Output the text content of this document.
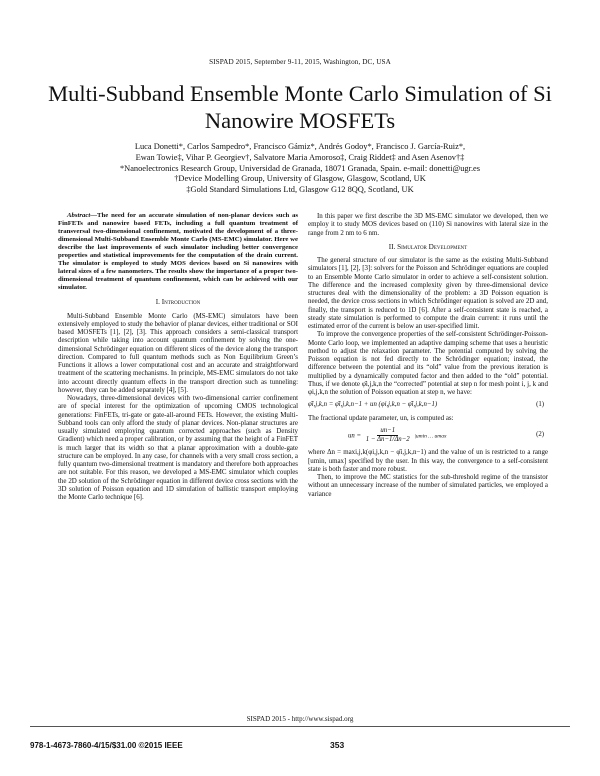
SISPAD 2015, September 9-11, 2015, Washington, DC, USA
Multi-Subband Ensemble Monte Carlo Simulation of Si Nanowire MOSFETs
Luca Donetti*, Carlos Sampedro*, Francisco Gámiz*, Andrés Godoy*, Francisco J. García-Ruiz*,
Ewan Towie‡, Vihar P. Georgiev†, Salvatore Maria Amoroso‡, Craig Riddet‡ and Asen Asenov†‡
*Nanoelectronics Research Group, Universidad de Granada, 18071 Granada, Spain. e-mail: donetti@ugr.es
†Device Modelling Group, University of Glasgow, Glasgow, Scotland, UK
‡Gold Standard Simulations Ltd, Glasgow G12 8QQ, Scotland, UK

Abstract—The need for an accurate simulation of non-planar devices such as FinFETs and nanowire based FETs, including a full quantum treatment of transversal two-dimensional confinement, motivated the development of a three-dimensional Multi-Subband Ensemble Monte Carlo (MS-EMC) simulator. Here we describe the last improvements of such simulator including better convergence properties and statistical improvements for the computation of the drain current. The simulator is employed to study MOS devices based on Si nanowires with lateral sizes of a few nanometers. The results show the importance of a proper two-dimensional treatment of quantum confinement, which can be achieved with our simulator.

I. Introduction

Multi-Subband Ensemble Monte Carlo (MS-EMC) simulators have been extensively employed to study the behavior of planar devices, either traditional or SOI based MOSFETs [1], [2], [3]. This approach considers a semi-classical transport description while taking into account quantum confinement by solving the one-dimensional Schrödinger equation on different slices of the device along the transport direction. Compared to full quantum methods such as Non Equilibrium Green’s Functions it allows a lower computational cost and an accurate and straightforward treatment of the scattering mechanisms. In principle, MS-EMC simulators do not take into account directly quantum effects in the transport direction such as tunneling: however, they can be added separately [4], [5].

Nowadays, three-dimensional devices with two-dimensional carrier confinement are of special interest for the optimization of upcoming CMOS technological generations: FinFETs, tri-gate or gate-all-around FETs. However, the existing Multi-Subband tools can only afford the study of planar devices. Non-planar structures are usually simulated employing quantum corrected approaches (such as Density Gradient) which need a proper calibration, or by assuming that the height of a FinFET is much larger that its width so that a planar approximation with a double-gate structure can be employed. In any case, for channels with a very small cross section, a fully quantum two-dimensional treatment is mandatory and therefore both approaches are not suitable. For this reason, we developed a MS-EMC simulator which couples the 2D solution of the Schrödinger equation in different device cross sections with the 3D solution of Poisson equation and 1D simulation of ballistic transport employing the Monte Carlo technique [6].

In this paper we first describe the 3D MS-EMC simulator we developed, then we employ it to study MOS devices based on (110) Si nanowires with lateral size in the range from 2 nm to 6 nm.

II. Simulator Development

The general structure of our simulator is the same as the existing Multi-Subband simulators [1], [2], [3]: solvers for the Poisson and Schrödinger equations are coupled to an Ensemble Monte Carlo simulator in order to achieve a self-consistent solution. The difference and the increased complexity given by three-dimensional device structures deal with the dimensionality of the problem: a 3D Poisson equation is needed, the device cross sections in which Schrödinger equation is solved are 2D and, finally, the transport is reduced to 1D [6]. After a self-consistent state is reached, a steady state simulation is performed to compute the drain current: it runs until the estimated error of the current is below an user-specified limit.

To improve the convergence properties of the self-consistent Schrödinger-Poisson-Monte Carlo loop, we implemented an adaptive damping scheme that uses a heuristic method to adjust the relaxation parameter. The potential computed by solving the Poisson equation is not fed directly to the Schrödinger equation; instead, the difference between the potential and its “old” value from the previous iteration is multiplied by a dynamically computed factor and then added to the “old” potential. Thus, if we denote φ̄i,j,k,n the “corrected” potential at step n for mesh point i, j, k and φi,j,k,n the solution of Poisson equation at step n, we have:

φ̄i,j,k,n = φ̄i,j,k,n−1 + un (φi,j,k,n − φ̄i,j,k,n−1)	(1)

The fractional update parameter, un, is computed as:

un = $\frac{un-1}{1 - \Delta n-1/\Delta n-2} |umin$ … umax	(2)

where Δn = maxi,j,k(φi,j,k,n − φ̄i,j,k,n−1) and the value of un is restricted to a range [umin, umax] specified by the user. In this way, the convergence to a self-consistent state is both faster and more robust.

Then, to improve the MC statistics for the sub-threshold regime of the transistor without an unnecessary increase of the number of simulated particles, we employed a variance

SISPAD 2015 - http://www.sispad.org
978-1-4673-7860-4/15/$31.00 ©2015 IEEE	353
